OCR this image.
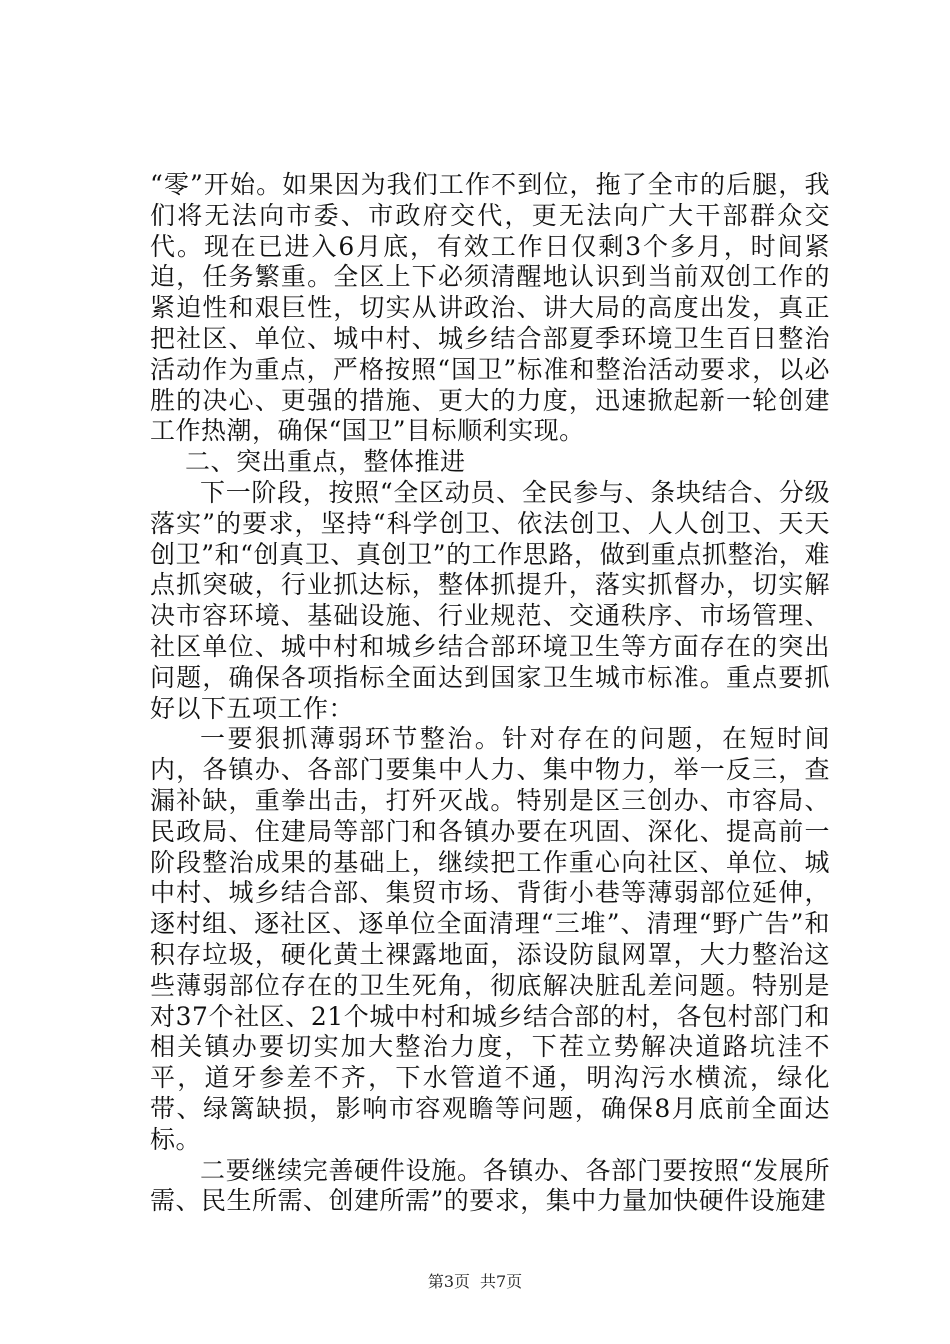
“零”开始。如果因为我们工作不到位，拖了全市的后腿，我们将无法向市委、市政府交代，更无法向广大干部群众交代。现在已进入6月底，有效工作日仅剩3个多月，时间紧迫，任务繁重。全区上下必须清醒地认识到当前双创工作的紧迫性和艰巨性，切实从讲政治、讲大局的高度出发，真正把社区、单位、城中村、城乡结合部夏季环境卫生百日整治活动作为重点，严格按照“国卫”标准和整治活动要求，以必胜的决心、更强的措施、更大的力度，迅速掀起新一轮创建工作热潮，确保“国卫”目标顺利实现。

二、突出重点，整体推进

下一阶段，按照“全区动员、全民参与、条块结合、分级落实”的要求，坚持“科学创卫、依法创卫、人人创卫、天天创卫”和“创真卫、真创卫”的工作思路，做到重点抓整治，难点抓突破，行业抓达标，整体抓提升，落实抓督办，切实解决市容环境、基础设施、行业规范、交通秩序、市场管理、社区单位、城中村和城乡结合部环境卫生等方面存在的突出问题，确保各项指标全面达到国家卫生城市标准。重点要抓好以下五项工作：

一要狠抓薄弱环节整治。针对存在的问题，在短时间内，各镇办、各部门要集中人力、集中物力，举一反三，查漏补缺，重拳出击，打歼灭战。特别是区三创办、市容局、民政局、住建局等部门和各镇办要在巩固、深化、提高前一阶段整治成果的基础上，继续把工作重心向社区、单位、城中村、城乡结合部、集贸市场、背街小巷等薄弱部位延伸，逐村组、逐社区、逐单位全面清理“三堆”、清理“野广告”和积存垃圾，硬化黄土裸露地面，添设防鼠网罩，大力整治这些薄弱部位存在的卫生死角，彻底解决脏乱差问题。特别是对37个社区、21个城中村和城乡结合部的村，各包村部门和相关镇办要切实加大整治力度，下茬立势解决道路坑洼不平，道牙参差不齐，下水管道不通，明沟污水横流，绿化带、绿篱缺损，影响市容观瞻等问题，确保8月底前全面达标。

二要继续完善硬件设施。各镇办、各部门要按照“发展所需、民生所需、创建所需”的要求，集中力量加快硬件设施建

第3页 共7页
